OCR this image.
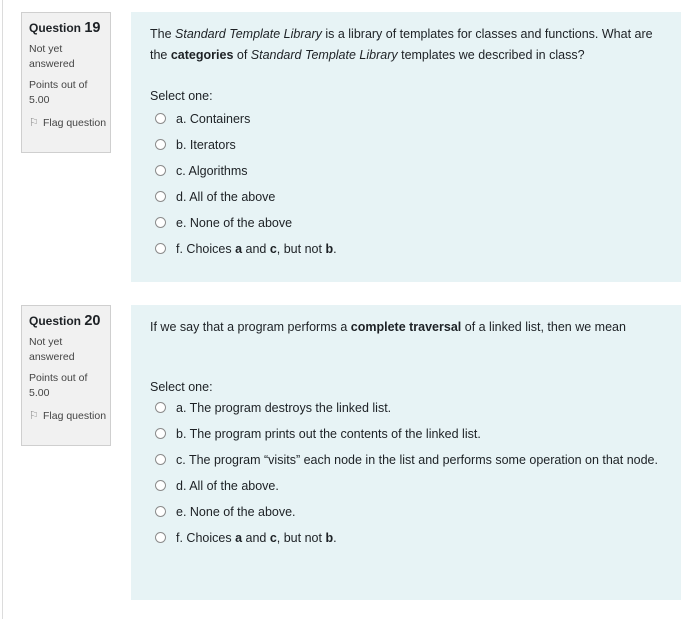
Question 19
Not yet answered
Points out of 5.00
⚐ Flag question
The Standard Template Library is a library of templates for classes and functions. What are the categories of Standard Template Library templates we described in class?
Select one:
a. Containers
b. Iterators
c. Algorithms
d. All of the above
e. None of the above
f. Choices a and c, but not b.
Question 20
Not yet answered
Points out of 5.00
⚐ Flag question
If we say that a program performs a complete traversal of a linked list, then we mean
Select one:
a. The program destroys the linked list.
b. The program prints out the contents of the linked list.
c. The program “visits” each node in the list and performs some operation on that node.
d. All of the above.
e. None of the above.
f. Choices a and c, but not b.
